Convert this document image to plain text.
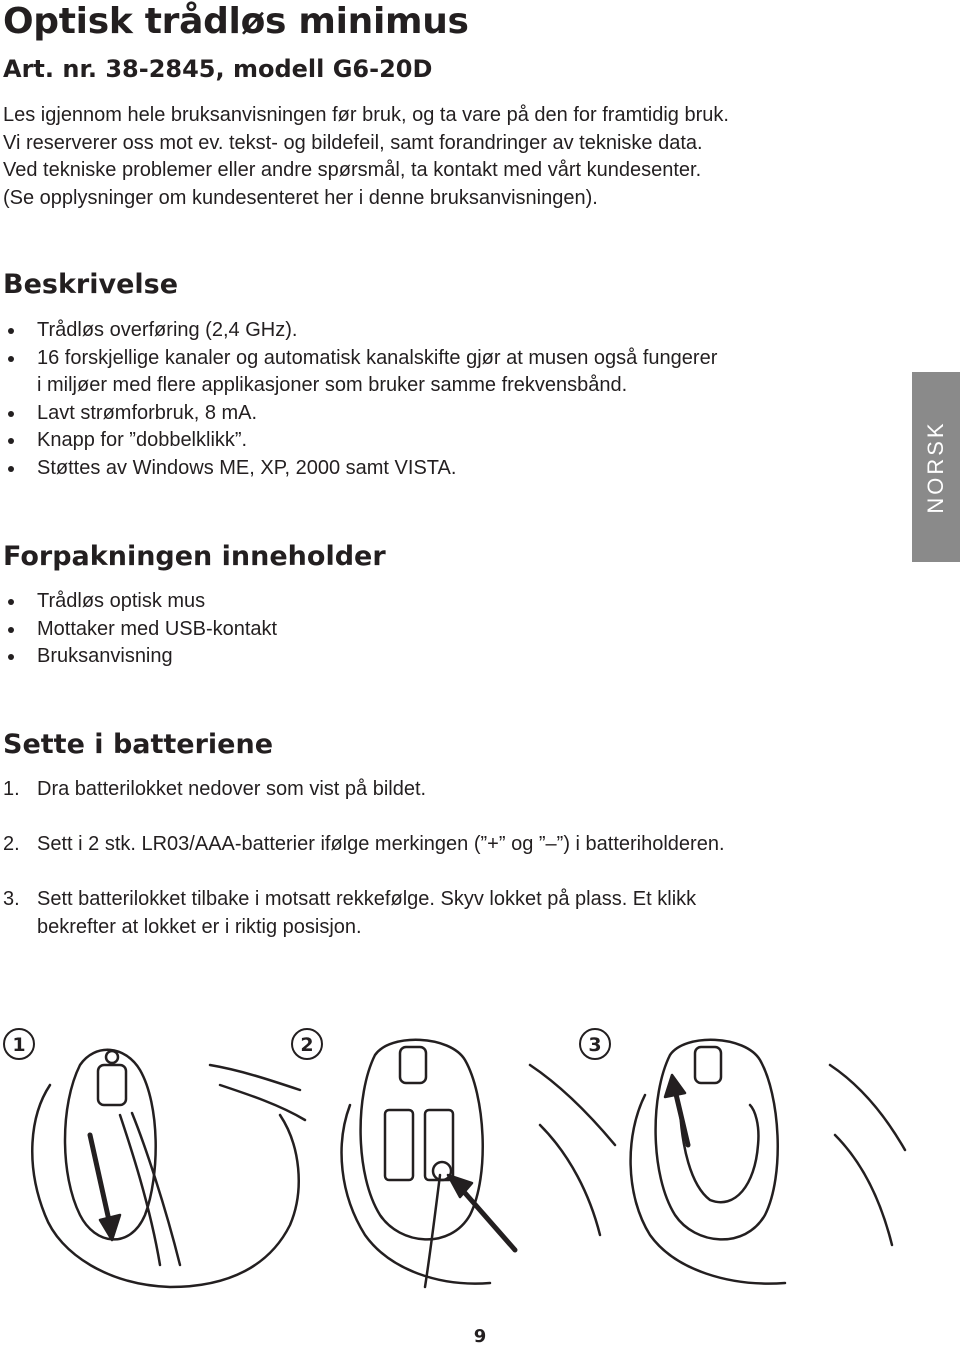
Optisk trådløs minimus
Art. nr. 38-2845, modell G6-20D

Les igjennom hele bruksanvisningen før bruk, og ta vare på den for framtidig bruk.

Vi reserverer oss mot ev. tekst- og bildefeil, samt forandringer av tekniske data.

Ved tekniske problemer eller andre spørsmål, ta kontakt med vårt kundesenter.

(Se opplysninger om kundesenteret her i denne bruksanvisningen).

Beskrivelse
Trådløs overføring (2,4 GHz).
16 forskjellige kanaler og automatisk kanalskifte gjør at musen også fungerer
i miljøer med flere applikasjoner som bruker samme frekvensbånd.
Lavt strømforbruk, 8 mA.
Knapp for ”dobbelklikk”.
Støttes av Windows ME, XP, 2000 samt VISTA.
Forpakningen inneholder
Trådløs optisk mus
Mottaker med USB-kontakt
Bruksanvisning
Sette i batteriene
1. Dra batterilokket nedover som vist på bildet.
2. Sett i 2 stk. LR03/AAA-batterier ifølge merkingen (”+” og ”–”) i batteriholderen.
3. Sett batterilokket tilbake i motsatt rekkefølge. Skyv lokket på plass. Et klikk
bekrefter at lokket er i riktig posisjon.
NORSK
1	2	3
9
